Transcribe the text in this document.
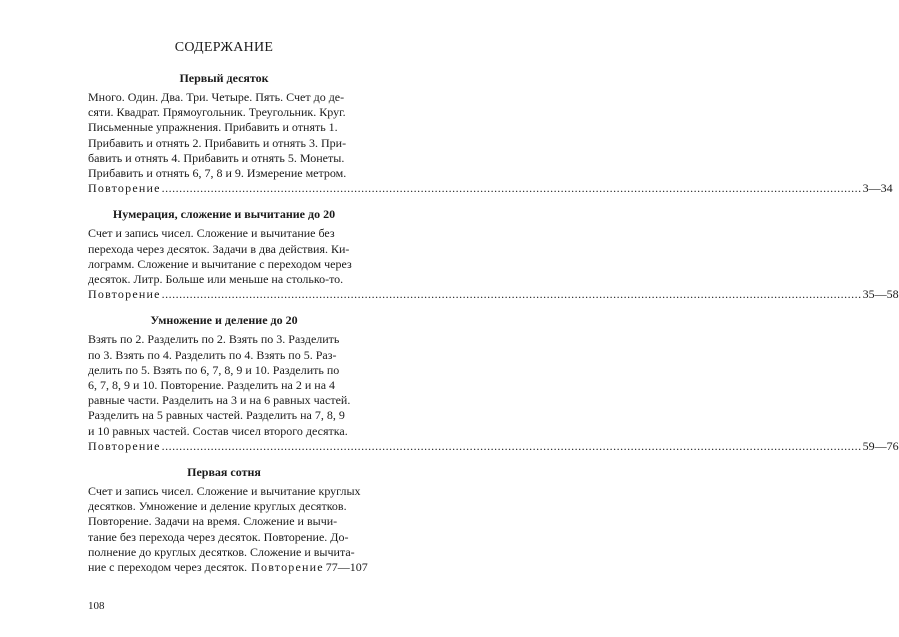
СОДЕРЖАНИЕ
Первый десяток
Много. Один. Два. Три. Четыре. Пять. Счет до де-
сяти. Квадрат. Прямоугольник. Треугольник. Круг.
Письменные упражнения. Прибавить и отнять 1.
Прибавить и отнять 2. Прибавить и отнять 3. При-
бавить и отнять 4. Прибавить и отнять 5. Монеты.
Прибавить и отнять 6, 7, 8 и 9. Измерение метром.
Повторение ........................................................................................................................................................................................................ 3—34
Нумерация, сложение и вычитание до 20
Счет и запись чисел. Сложение и вычитание без
перехода через десяток. Задачи в два действия. Ки-
лограмм. Сложение и вычитание с переходом через
десяток. Литр. Больше или меньше на столько-то.
Повторение ........................................................................................................................................................................................................ 35—58
Умножение и деление до 20
Взять по 2. Разделить по 2. Взять по 3. Разделить
по 3. Взять по 4. Разделить по 4. Взять по 5. Раз-
делить по 5. Взять по 6, 7, 8, 9 и 10. Разделить по
6, 7, 8, 9 и 10. Повторение. Разделить на 2 и на 4
равные части. Разделить на 3 и на 6 равных частей.
Разделить на 5 равных частей. Разделить на 7, 8, 9
и 10 равных частей. Состав чисел второго десятка.
Повторение ........................................................................................................................................................................................................ 59—76
Первая сотня
Счет и запись чисел. Сложение и вычитание круглых
десятков. Умножение и деление круглых десятков.
Повторение. Задачи на время. Сложение и вычи-
тание без перехода через десяток. Повторение. До-
полнение до круглых десятков. Сложение и вычита-
ние с переходом через десяток. Повторение 77—107
108
